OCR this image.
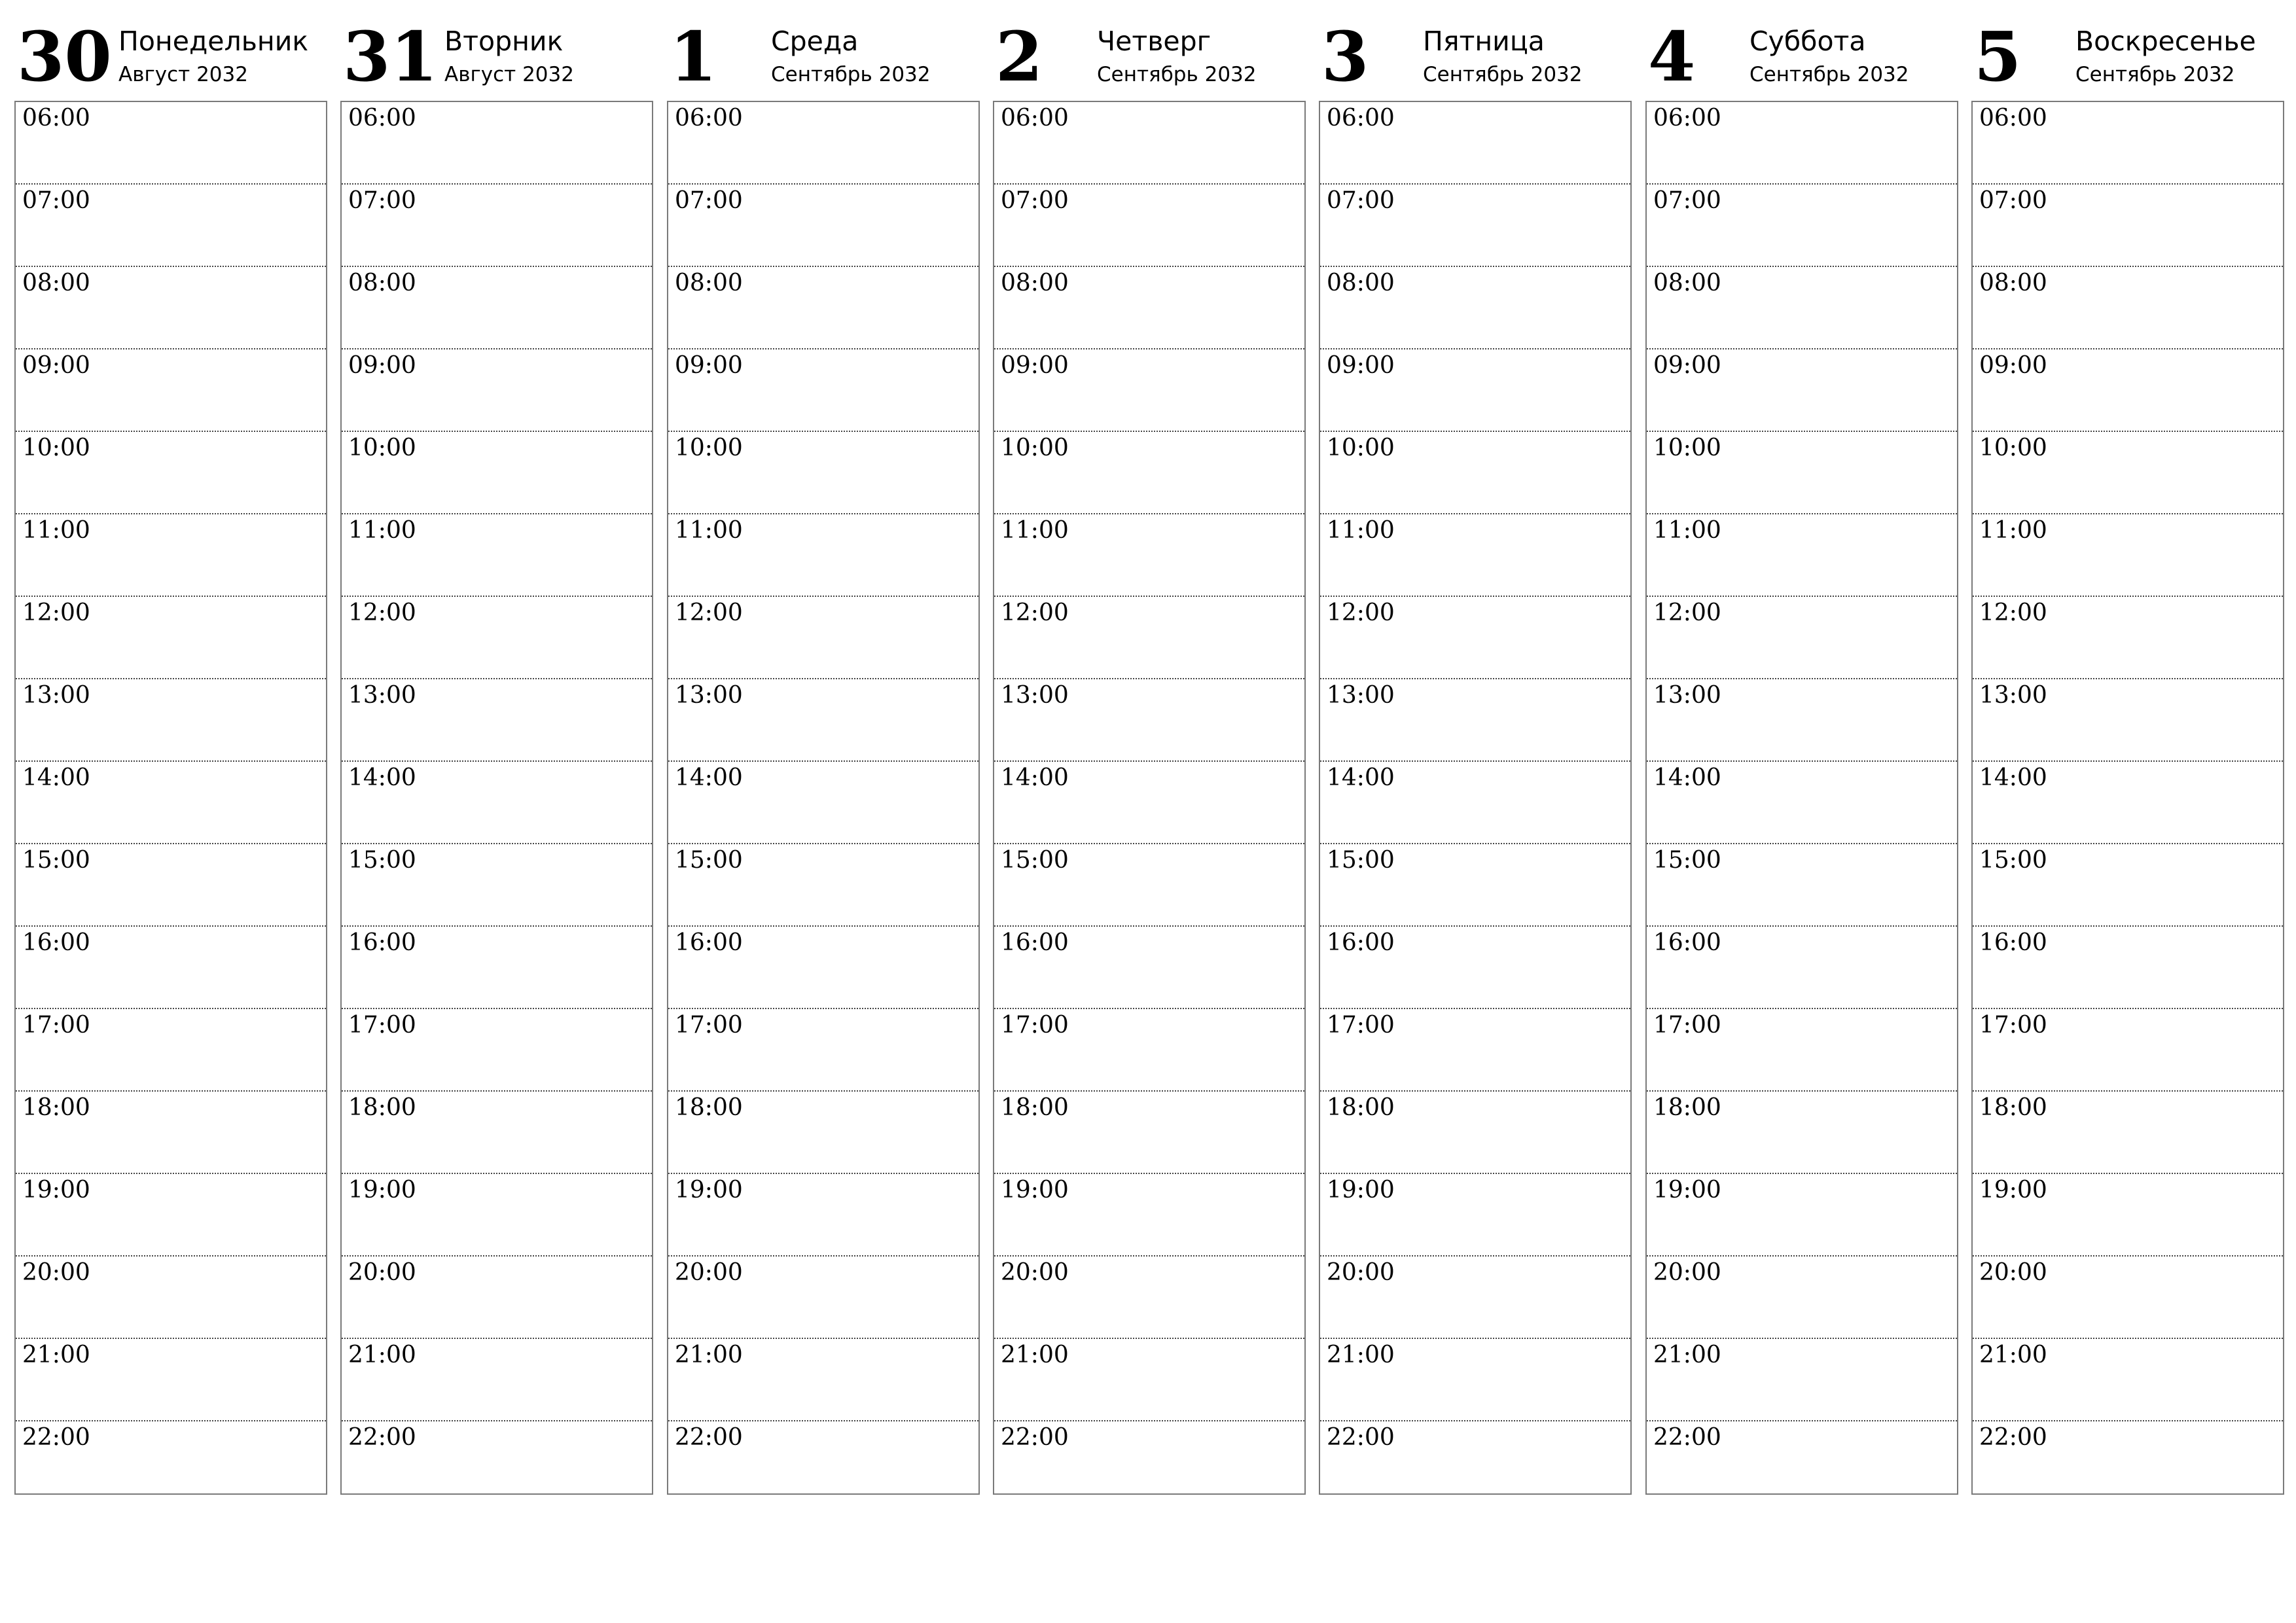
30 Понедельник
Август 2032
06:00
07:00
08:00
09:00
10:00
11:00
12:00
13:00
14:00
15:00
16:00
17:00
18:00
19:00
20:00
21:00
22:00
31 Вторник
Август 2032
06:00
07:00
08:00
09:00
10:00
11:00
12:00
13:00
14:00
15:00
16:00
17:00
18:00
19:00
20:00
21:00
22:00
1 Среда
Сентябрь 2032
06:00
07:00
08:00
09:00
10:00
11:00
12:00
13:00
14:00
15:00
16:00
17:00
18:00
19:00
20:00
21:00
22:00
2 Четверг
Сентябрь 2032
06:00
07:00
08:00
09:00
10:00
11:00
12:00
13:00
14:00
15:00
16:00
17:00
18:00
19:00
20:00
21:00
22:00
3 Пятница
Сентябрь 2032
06:00
07:00
08:00
09:00
10:00
11:00
12:00
13:00
14:00
15:00
16:00
17:00
18:00
19:00
20:00
21:00
22:00
4 Суббота
Сентябрь 2032
06:00
07:00
08:00
09:00
10:00
11:00
12:00
13:00
14:00
15:00
16:00
17:00
18:00
19:00
20:00
21:00
22:00
5 Воскресенье
Сентябрь 2032
06:00
07:00
08:00
09:00
10:00
11:00
12:00
13:00
14:00
15:00
16:00
17:00
18:00
19:00
20:00
21:00
22:00
